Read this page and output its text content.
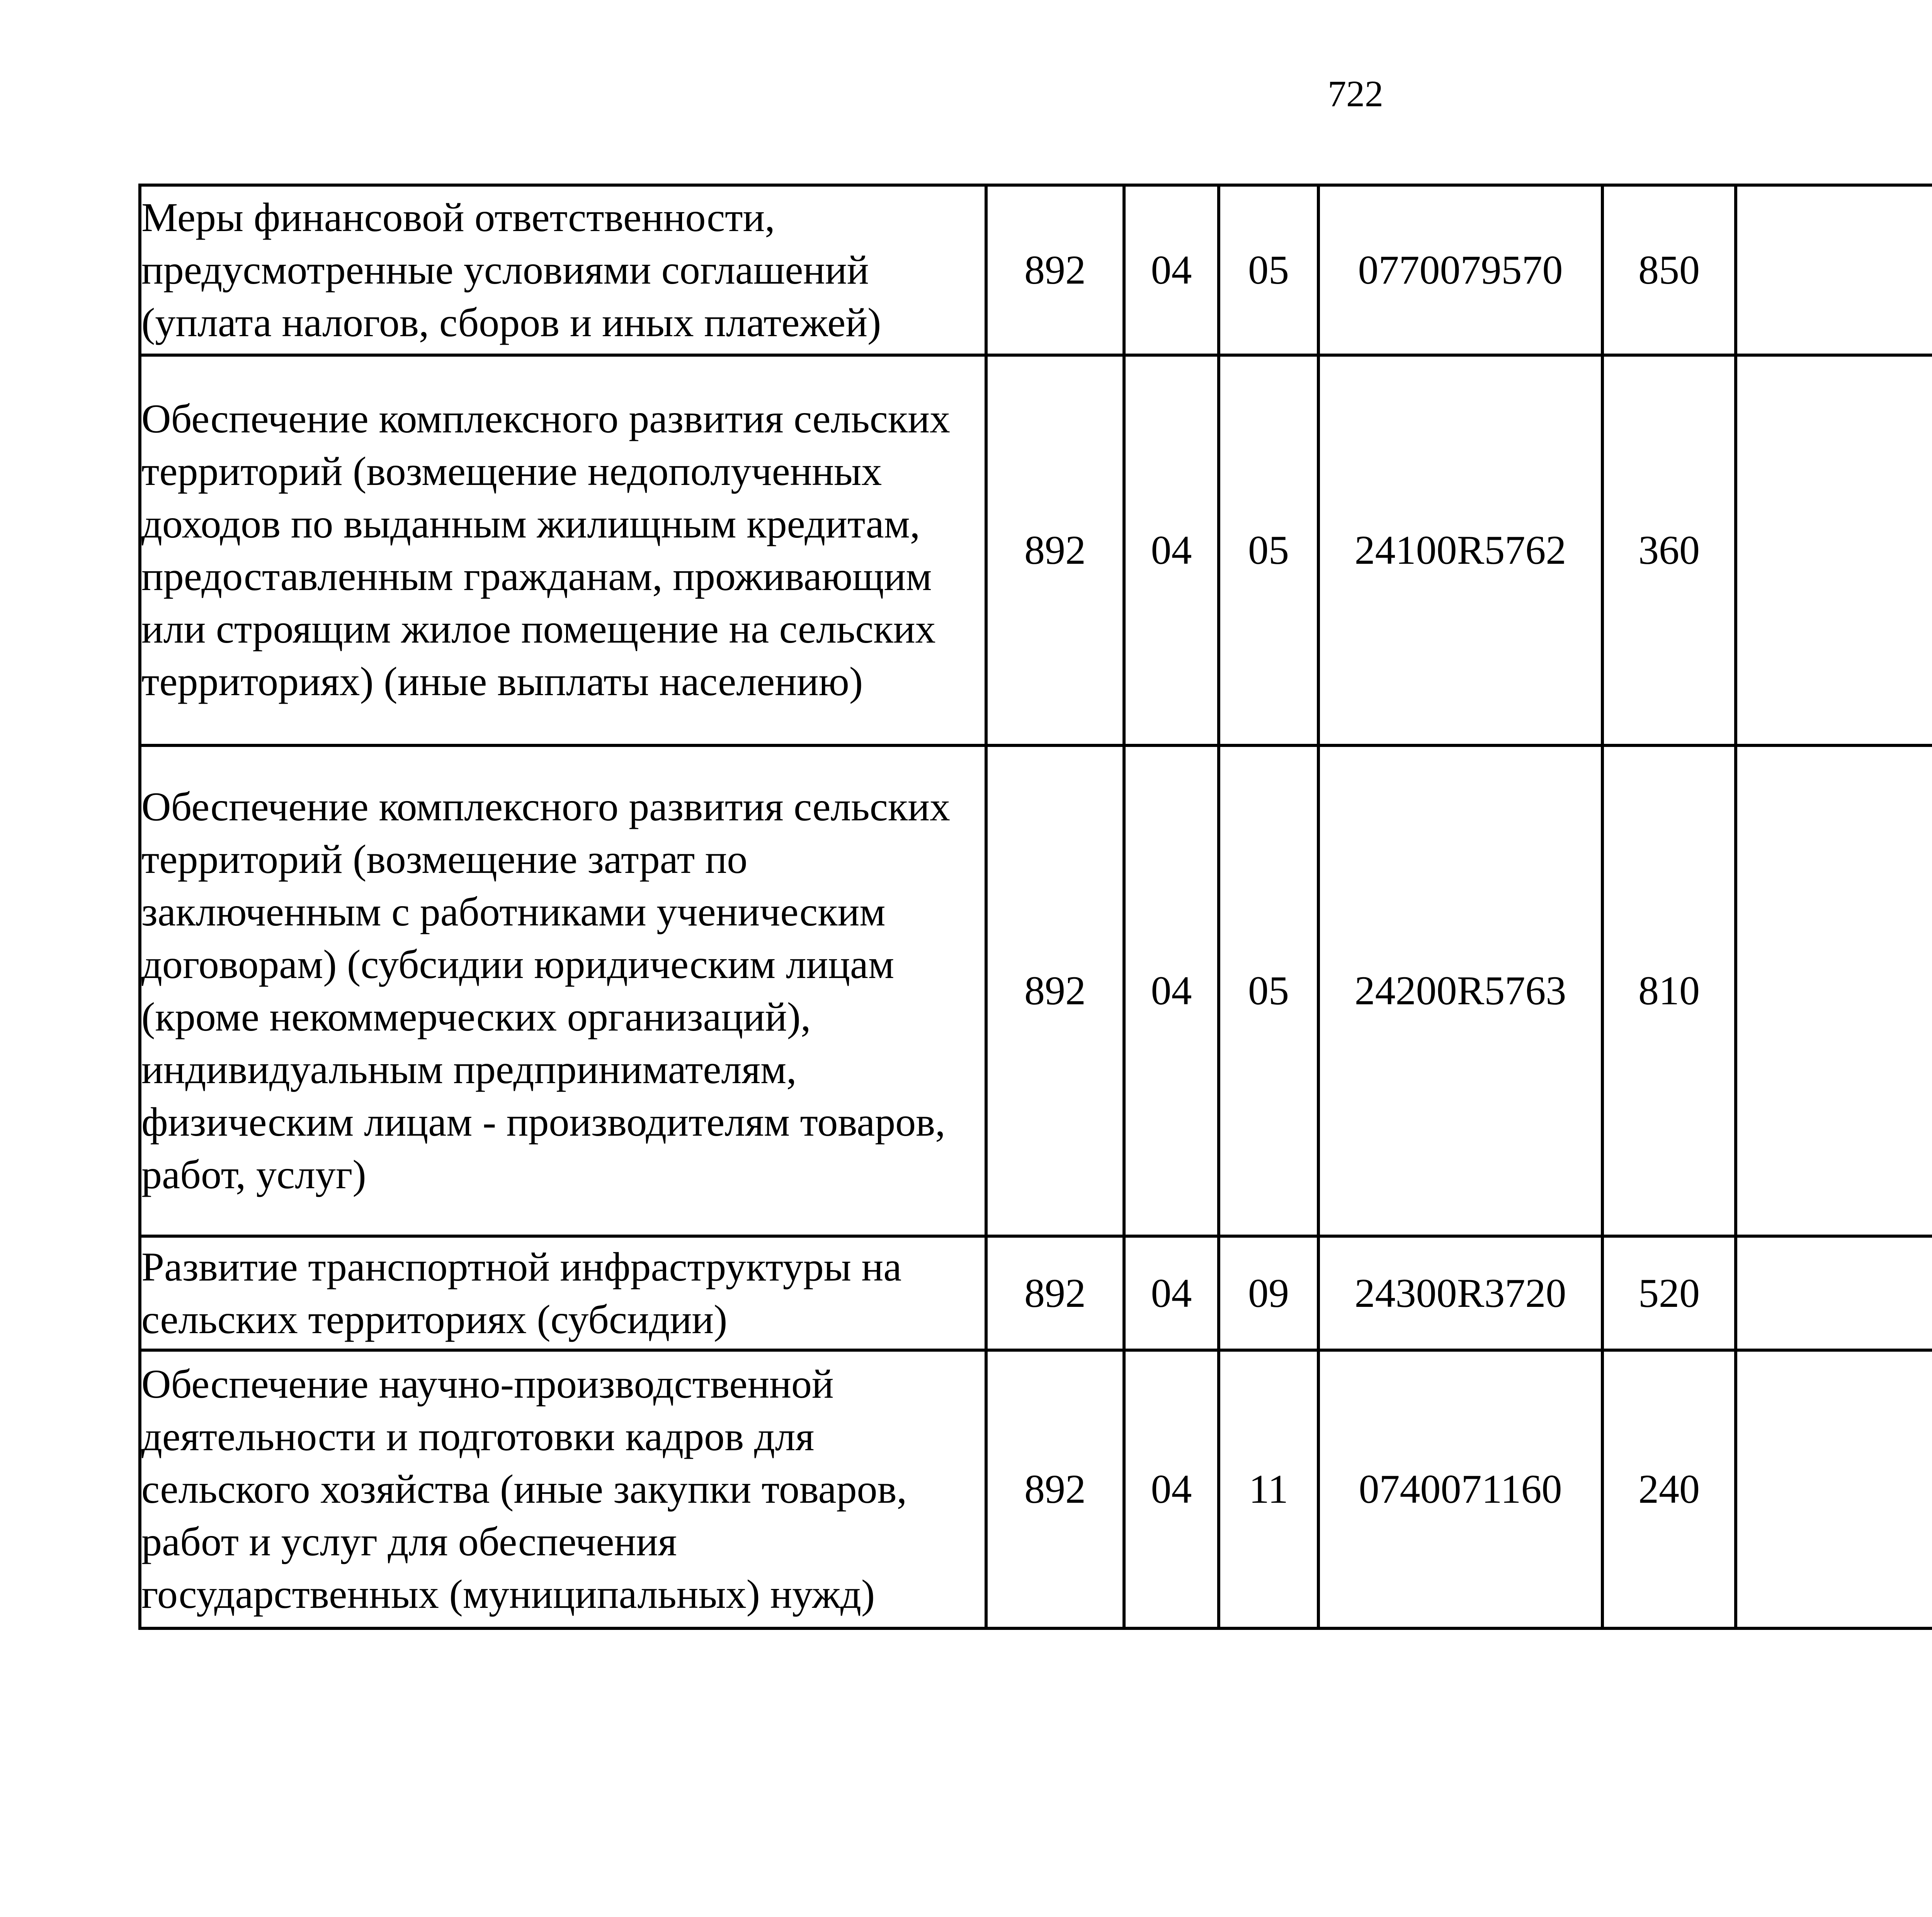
722
Меры финансовой ответственности, предусмотренные условиями соглашений (уплата налогов, сборов и иных платежей)	892	04	05	0770079570	850			
Обеспечение комплексного развития сельских территорий (возмещение недополученных доходов по выданным жилищным кредитам, предоставленным гражданам, проживающим или строящим жилое помещение на сельских территориях) (иные выплаты населению)	892	04	05	24100R5762	360			
Обеспечение комплексного развития сельских территорий (возмещение затрат по заключенным с работниками ученическим договорам) (субсидии юридическим лицам (кроме некоммерческих организаций), индивидуальным предпринимателям, физическим лицам - производителям товаров, работ, услуг)	892	04	05	24200R5763	810			
Развитие транспортной инфраструктуры на сельских территориях (субсидии)	892	04	09	24300R3720	520			
Обеспечение научно-производственной деятельности и подготовки кадров для сельского хозяйства (иные закупки товаров, работ и услуг для обеспечения государственных (муниципальных) нужд)	892	04	11	0740071160	240			
